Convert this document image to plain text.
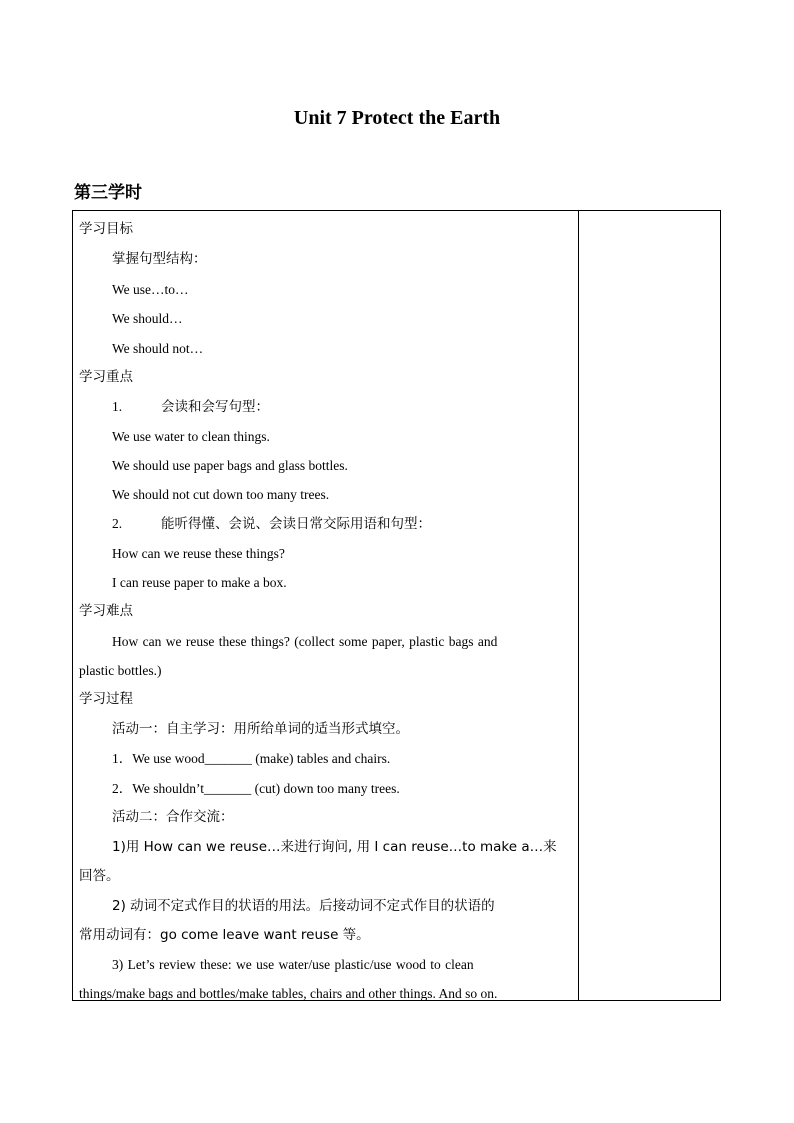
Unit 7 Protect the Earth
第三学时
学习目标
掌握句型结构：
We use…to…
We should…
We should not…
学习重点
1.	会读和会写句型：
We use water to clean things.
We should use paper bags and glass bottles.
We should not cut down too many trees.
2.	能听得懂、会说、会读日常交际用语和句型：
How can we reuse these things?
I can reuse paper to make a box.
学习难点
How can we reuse these things? (collect some paper, plastic bags and
plastic bottles.)
学习过程
活动一：自主学习：用所给单词的适当形式填空。
1．We use wood_______ (make) tables and chairs.
2．We shouldn’t_______ (cut) down too many trees.
活动二：合作交流：
1)用 How can we reuse…来进行询问, 用 I can reuse…to make a…来
回答。
2) 动词不定式作目的状语的用法。后接动词不定式作目的状语的
常用动词有：go come leave want reuse 等。
3) Let’s review these: we use water/use plastic/use wood to clean
things/make bags and bottles/make tables, chairs and other things. And so on.
